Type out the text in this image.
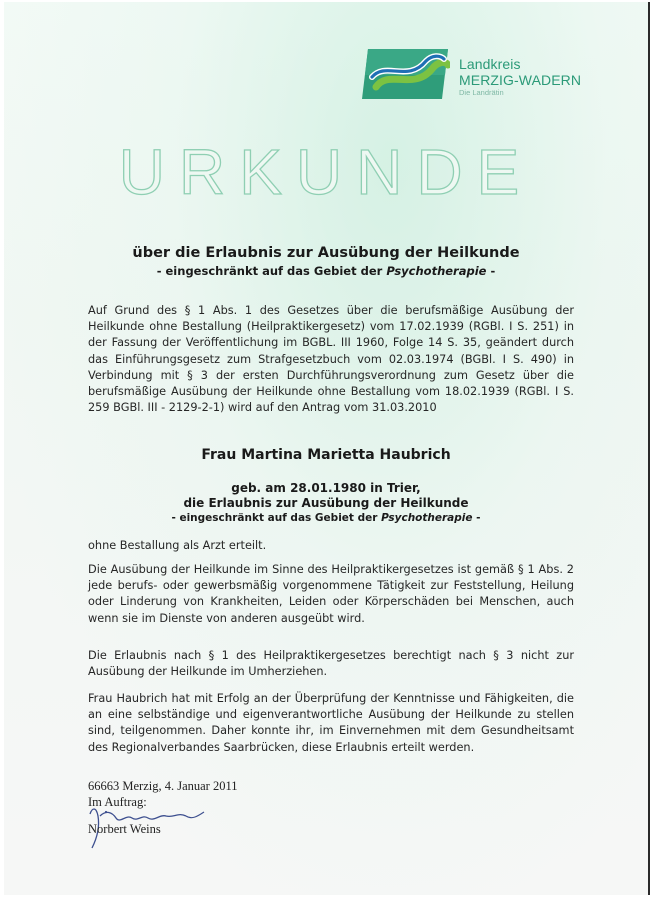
Landkreis
MERZIG-WADERN
Die Landrätin
URKUNDE
über die Erlaubnis zur Ausübung der Heilkunde
- eingeschränkt auf das Gebiet der Psychotherapie -
Auf Grund des § 1 Abs. 1 des Gesetzes über die berufsmäßige Ausübung der Heilkunde ohne Bestallung (Heilpraktikergesetz) vom 17.02.1939 (RGBl. I S. 251) in der Fassung der Veröffentlichung im BGBL. III 1960, Folge 14 S. 35, geändert durch das Einführungsgesetz zum Strafgesetzbuch vom 02.03.1974 (BGBl. I S. 490) in Verbindung mit § 3 der ersten Durchführungsverordnung zum Gesetz über die berufsmäßige Ausübung der Heilkunde ohne Bestallung vom 18.02.1939 (RGBl. I S. 259 BGBl. III - 2129-2-1) wird auf den Antrag vom 31.03.2010
Frau Martina Marietta Haubrich
geb. am 28.01.1980 in Trier,
die Erlaubnis zur Ausübung der Heilkunde
- eingeschränkt auf das Gebiet der Psychotherapie -
ohne Bestallung als Arzt erteilt.
Die Ausübung der Heilkunde im Sinne des Heilpraktikergesetzes ist gemäß § 1 Abs. 2 jede berufs- oder gewerbsmäßig vorgenommene Tätigkeit zur Feststellung, Heilung oder Linderung von Krankheiten, Leiden oder Körperschäden bei Menschen, auch wenn sie im Dienste von anderen ausgeübt wird.
Die Erlaubnis nach § 1 des Heilpraktikergesetzes berechtigt nach § 3 nicht zur Ausübung der Heilkunde im Umherziehen.
Frau Haubrich hat mit Erfolg an der Überprüfung der Kenntnisse und Fähigkeiten, die an eine selbständige und eigenverantwortliche Ausübung der Heilkunde zu stellen sind, teilgenommen. Daher konnte ihr, im Einvernehmen mit dem Gesundheitsamt des Regionalverbandes Saarbrücken, diese Erlaubnis erteilt werden.
66663 Merzig, 4. Januar 2011
Im Auftrag:
Norbert Weins
